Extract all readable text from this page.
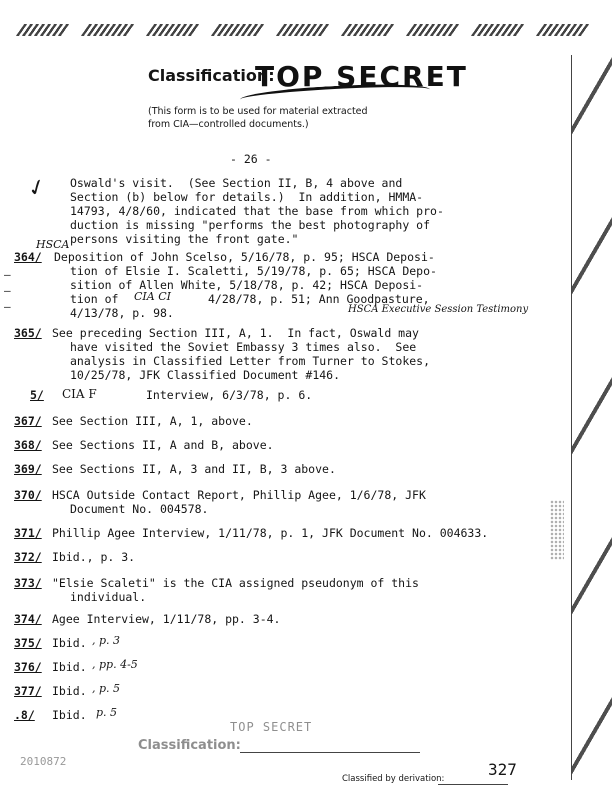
Classification:
TOP SECRET
(This form is to be used for material extracted
from CIA—controlled documents.)
- 26 -
✓ Oswald's visit.  (See Section II, B, 4 above and
Section (b) below for details.)  In addition, HMMA-
14793, 4/8/60, indicated that the base from which pro-
duction is missing "performs the best photography of
persons visiting the front gate."
HSCA
364/ Deposition of John Scelso, 5/16/78, p. 95; HSCA Deposi-
tion of Elsie I. Scaletti, 5/19/78, p. 65; HSCA Depo-
sition of Allen White, 5/18/78, p. 42; HSCA Deposi-
tion of CIA CI	4/28/78, p. 51; Ann Goodpasture,
4/13/78, p. 98.	HSCA Executive Session Testimony
—
—
—
365/ See preceding Section III, A, 1.  In fact, Oswald may
have visited the Soviet Embassy 3 times also.  See
analysis in Classified Letter from Turner to Stokes,
10/25/78, JFK Classified Document #146.
5/ CIA F	Interview, 6/3/78, p. 6.
367/ See Section III, A, 1, above.
368/ See Sections II, A and B, above.
369/ See Sections II, A, 3 and II, B, 3 above.
370/ HSCA Outside Contact Report, Phillip Agee, 1/6/78, JFK
Document No. 004578.
371/ Phillip Agee Interview, 1/11/78, p. 1, JFK Document No. 004633.
372/ Ibid., p. 3.
373/ "Elsie Scaleti" is the CIA assigned pseudonym of this
individual.
374/ Agee Interview, 1/11/78, pp. 3-4.
375/ Ibid. , p. 3
376/ Ibid. , pp. 4-5
377/ Ibid. , p. 5
.8/ Ibid. p. 5
TOP SECRET
Classification:
2010872	327
Classified by derivation:
